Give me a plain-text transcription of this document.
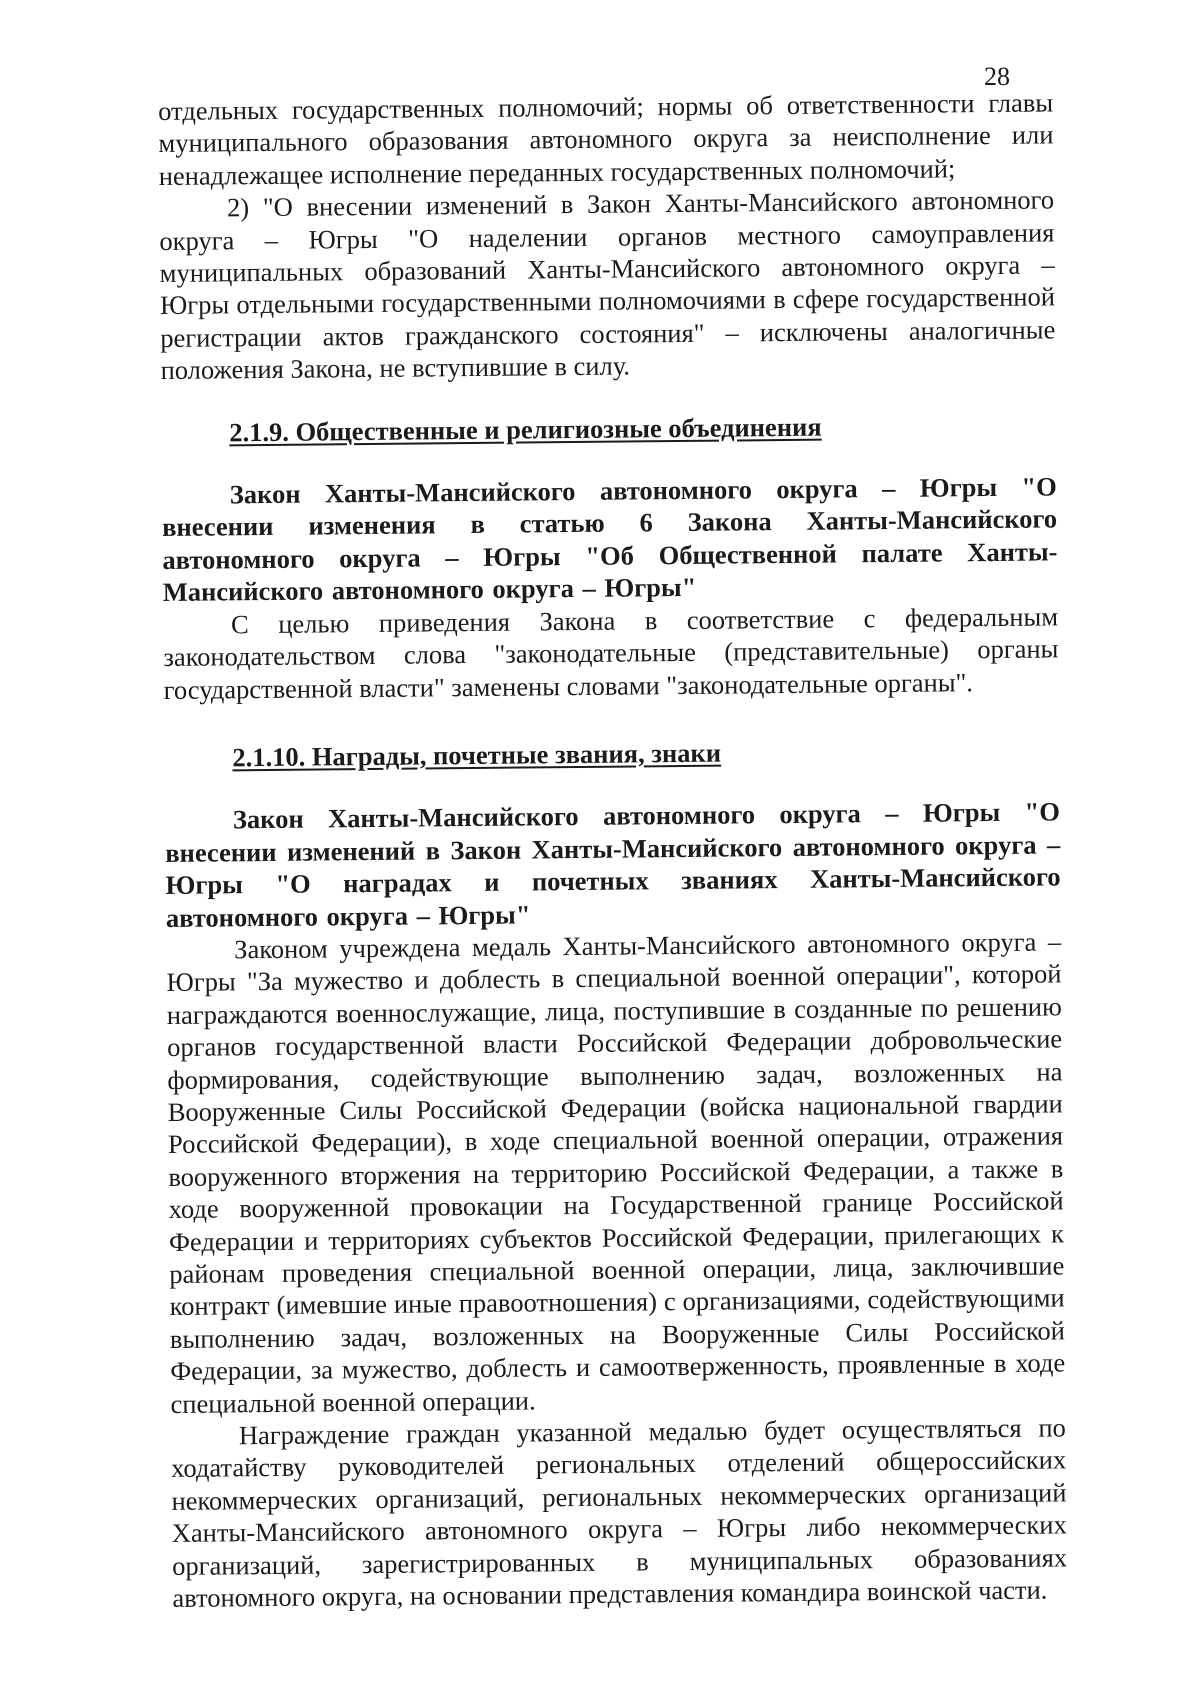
28

отдельных государственных полномочий; нормы об ответственности главы муниципального образования автономного округа за неисполнение или ненадлежащее исполнение переданных государственных полномочий;

2) "О внесении изменений в Закон Ханты-Мансийского автономного округа – Югры "О наделении органов местного самоуправления муниципальных образований Ханты-Мансийского автономного округа – Югры отдельными государственными полномочиями в сфере государственной регистрации актов гражданского состояния" – исключены аналогичные положения Закона, не вступившие в силу.

2.1.9. Общественные и религиозные объединения

Закон Ханты-Мансийского автономного округа – Югры "О внесении изменения в статью 6 Закона Ханты-Мансийского автономного округа – Югры "Об Общественной палате Ханты-Мансийского автономного округа – Югры"

С целью приведения Закона в соответствие с федеральным законодательством слова "законодательные (представительные) органы государственной власти" заменены словами "законодательные органы".

2.1.10. Награды, почетные звания, знаки

Закон Ханты-Мансийского автономного округа – Югры "О внесении изменений в Закон Ханты-Мансийского автономного округа – Югры "О наградах и почетных званиях Ханты-Мансийского автономного округа – Югры"

Законом учреждена медаль Ханты-Мансийского автономного округа – Югры "За мужество и доблесть в специальной военной операции", которой награждаются военнослужащие, лица, поступившие в созданные по решению органов государственной власти Российской Федерации добровольческие формирования, содействующие выполнению задач, возложенных на Вооруженные Силы Российской Федерации (войска национальной гвардии Российской Федерации), в ходе специальной военной операции, отражения вооруженного вторжения на территорию Российской Федерации, а также в ходе вооруженной провокации на Государственной границе Российской Федерации и территориях субъектов Российской Федерации, прилегающих к районам проведения специальной военной операции, лица, заключившие контракт (имевшие иные правоотношения) с организациями, содействующими выполнению задач, возложенных на Вооруженные Силы Российской Федерации, за мужество, доблесть и самоотверженность, проявленные в ходе специальной военной операции.

Награждение граждан указанной медалью будет осуществляться по ходатайству руководителей региональных отделений общероссийских некоммерческих организаций, региональных некоммерческих организаций Ханты-Мансийского автономного округа – Югры либо некоммерческих организаций, зарегистрированных в муниципальных образованиях автономного округа, на основании представления командира воинской части.
